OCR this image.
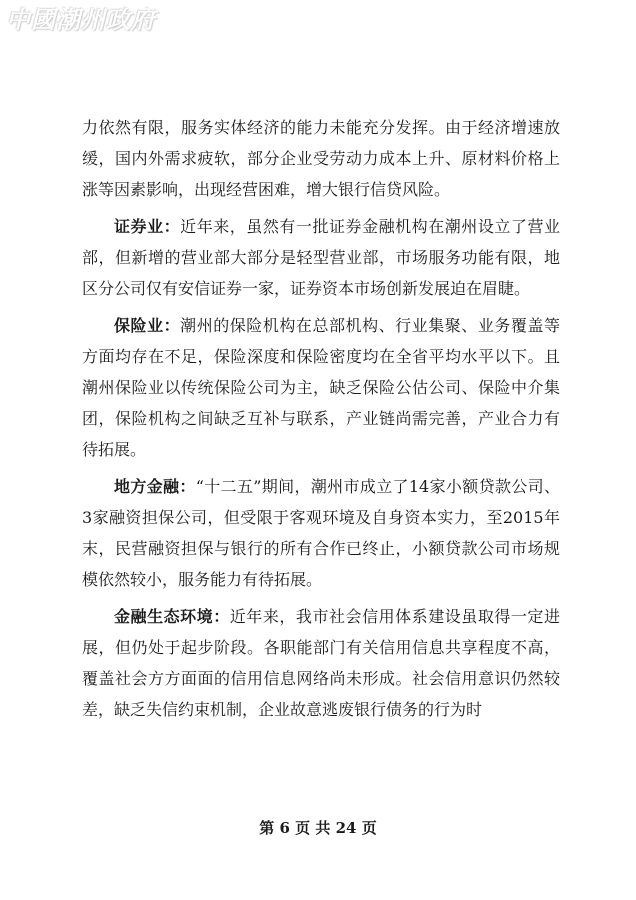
中國潮州政府

力依然有限，服务实体经济的能力未能充分发挥。由于经济增速放缓，国内外需求疲软，部分企业受劳动力成本上升、原材料价格上涨等因素影响，出现经营困难，增大银行信贷风险。

证券业：近年来，虽然有一批证券金融机构在潮州设立了营业部，但新增的营业部大部分是轻型营业部，市场服务功能有限，地区分公司仅有安信证券一家，证券资本市场创新发展迫在眉睫。

保险业：潮州的保险机构在总部机构、行业集聚、业务覆盖等方面均存在不足，保险深度和保险密度均在全省平均水平以下。且潮州保险业以传统保险公司为主，缺乏保险公估公司、保险中介集团，保险机构之间缺乏互补与联系，产业链尚需完善，产业合力有待拓展。

地方金融：“十二五”期间，潮州市成立了14家小额贷款公司、3家融资担保公司，但受限于客观环境及自身资本实力，至2015年末，民营融资担保与银行的所有合作已终止，小额贷款公司市场规模依然较小，服务能力有待拓展。

金融生态环境：近年来，我市社会信用体系建设虽取得一定进展，但仍处于起步阶段。各职能部门有关信用信息共享程度不高，覆盖社会方方面面的信用信息网络尚未形成。社会信用意识仍然较差，缺乏失信约束机制，企业故意逃废银行债务的行为时

第 6 页 共 24 页
